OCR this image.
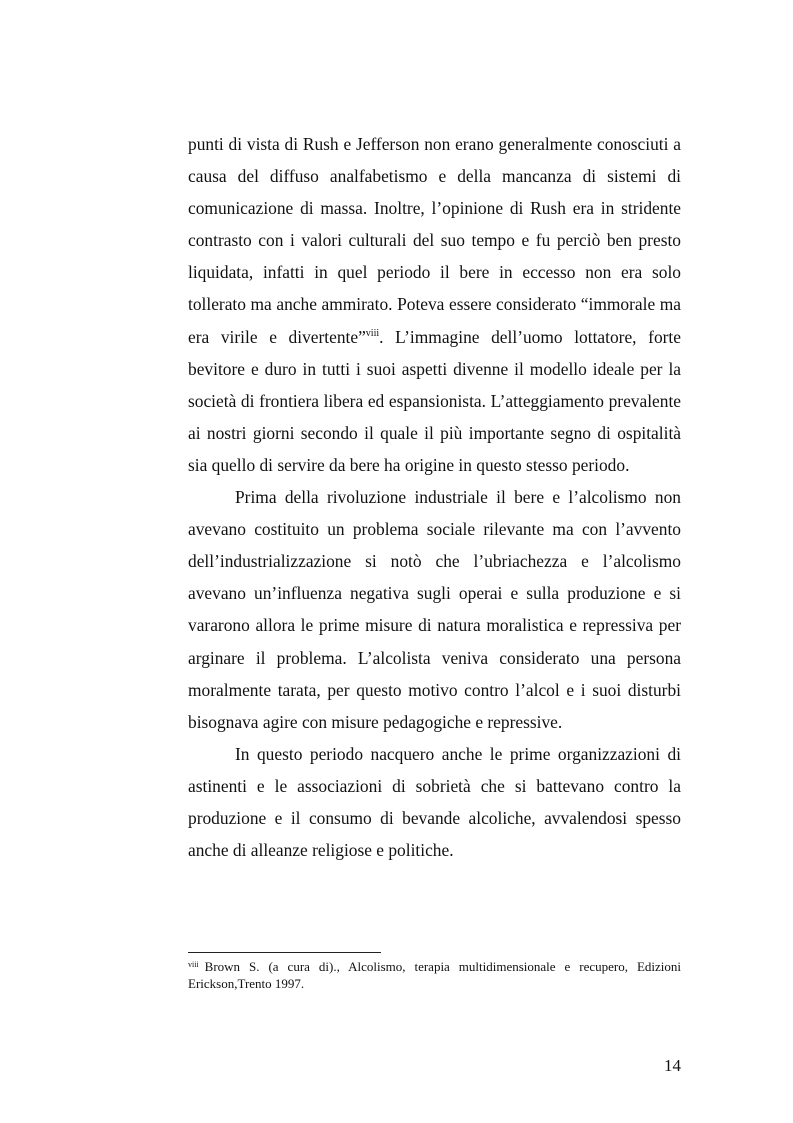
punti di vista di Rush e Jefferson non erano generalmente conosciuti a causa del diffuso analfabetismo e della mancanza di sistemi di comunicazione di massa. Inoltre, l’opinione di Rush era in stridente contrasto con i valori culturali del suo tempo e fu perciò ben presto liquidata, infatti in quel periodo il bere in eccesso non era solo tollerato ma anche ammirato. Poteva essere considerato “immorale ma era virile e divertente”$^{viii}$. L’immagine dell’uomo lottatore, forte bevitore e duro in tutti i suoi aspetti divenne il modello ideale per la società di frontiera libera ed espansionista. L’atteggiamento prevalente ai nostri giorni secondo il quale il più importante segno di ospitalità sia quello di servire da bere ha origine in questo stesso periodo.

Prima della rivoluzione industriale il bere e l’alcolismo non avevano costituito un problema sociale rilevante ma con l’avvento dell’industrializzazione si notò che l’ubriachezza e l’alcolismo avevano un’influenza negativa sugli operai e sulla produzione e si vararono allora le prime misure di natura moralistica e repressiva per arginare il problema. L’alcolista veniva considerato una persona moralmente tarata, per questo motivo contro l’alcol e i suoi disturbi bisognava agire con misure pedagogiche e repressive.

In questo periodo nacquero anche le prime organizzazioni di astinenti e le associazioni di sobrietà che si battevano contro la produzione e il consumo di bevande alcoliche, avvalendosi spesso anche di alleanze religiose e politiche.

$^{viii}$ Brown S. (a cura di)., Alcolismo, terapia multidimensionale e recupero, Edizioni Erickson,Trento 1997.

14
